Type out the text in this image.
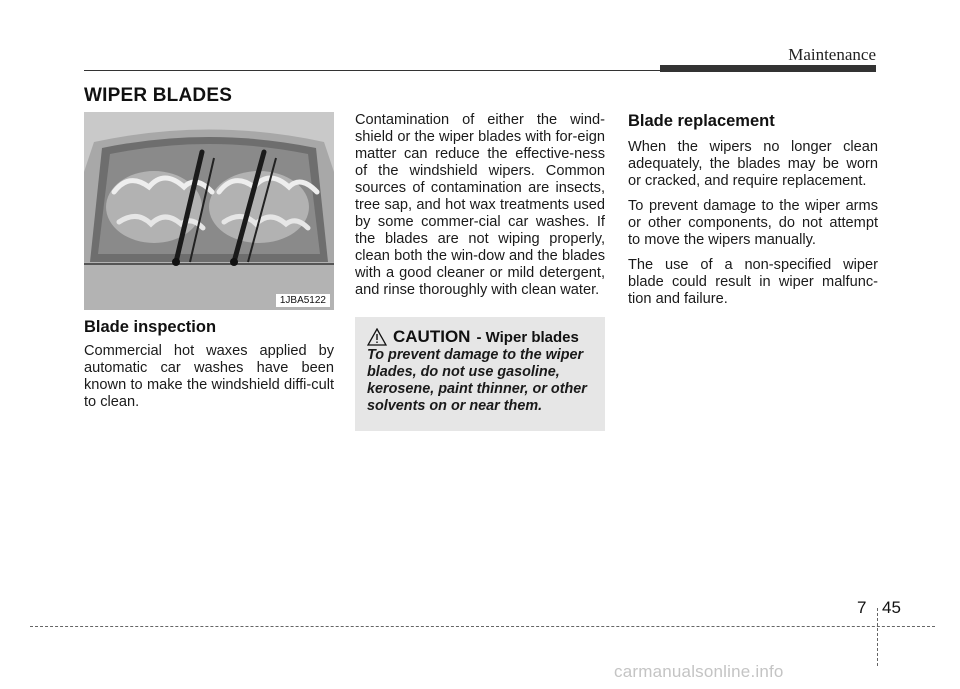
Maintenance
WIPER BLADES
1JBA5122
Blade inspection

Commercial hot waxes applied by automatic car washes have been known to make the windshield diffi-cult to clean.

Contamination of either the wind-shield or the wiper blades with for-eign matter can reduce the effective-ness of the windshield wipers. Common sources of contamination are insects, tree sap, and hot wax treatments used by some commer-cial car washes. If the blades are not wiping properly, clean both the win-dow and the blades with a good cleaner or mild detergent, and rinse thoroughly with clean water.

CAUTION - Wiper blades

To prevent damage to the wiper blades, do not use gasoline, kerosene, paint thinner, or other solvents on or near them.

Blade replacement

When the wipers no longer clean adequately, the blades may be worn or cracked, and require replacement.

To prevent damage to the wiper arms or other components, do not attempt to move the wipers manually.

The use of a non-specified wiper blade could result in wiper malfunc-tion and failure.

7 45
carmanualsonline.info
